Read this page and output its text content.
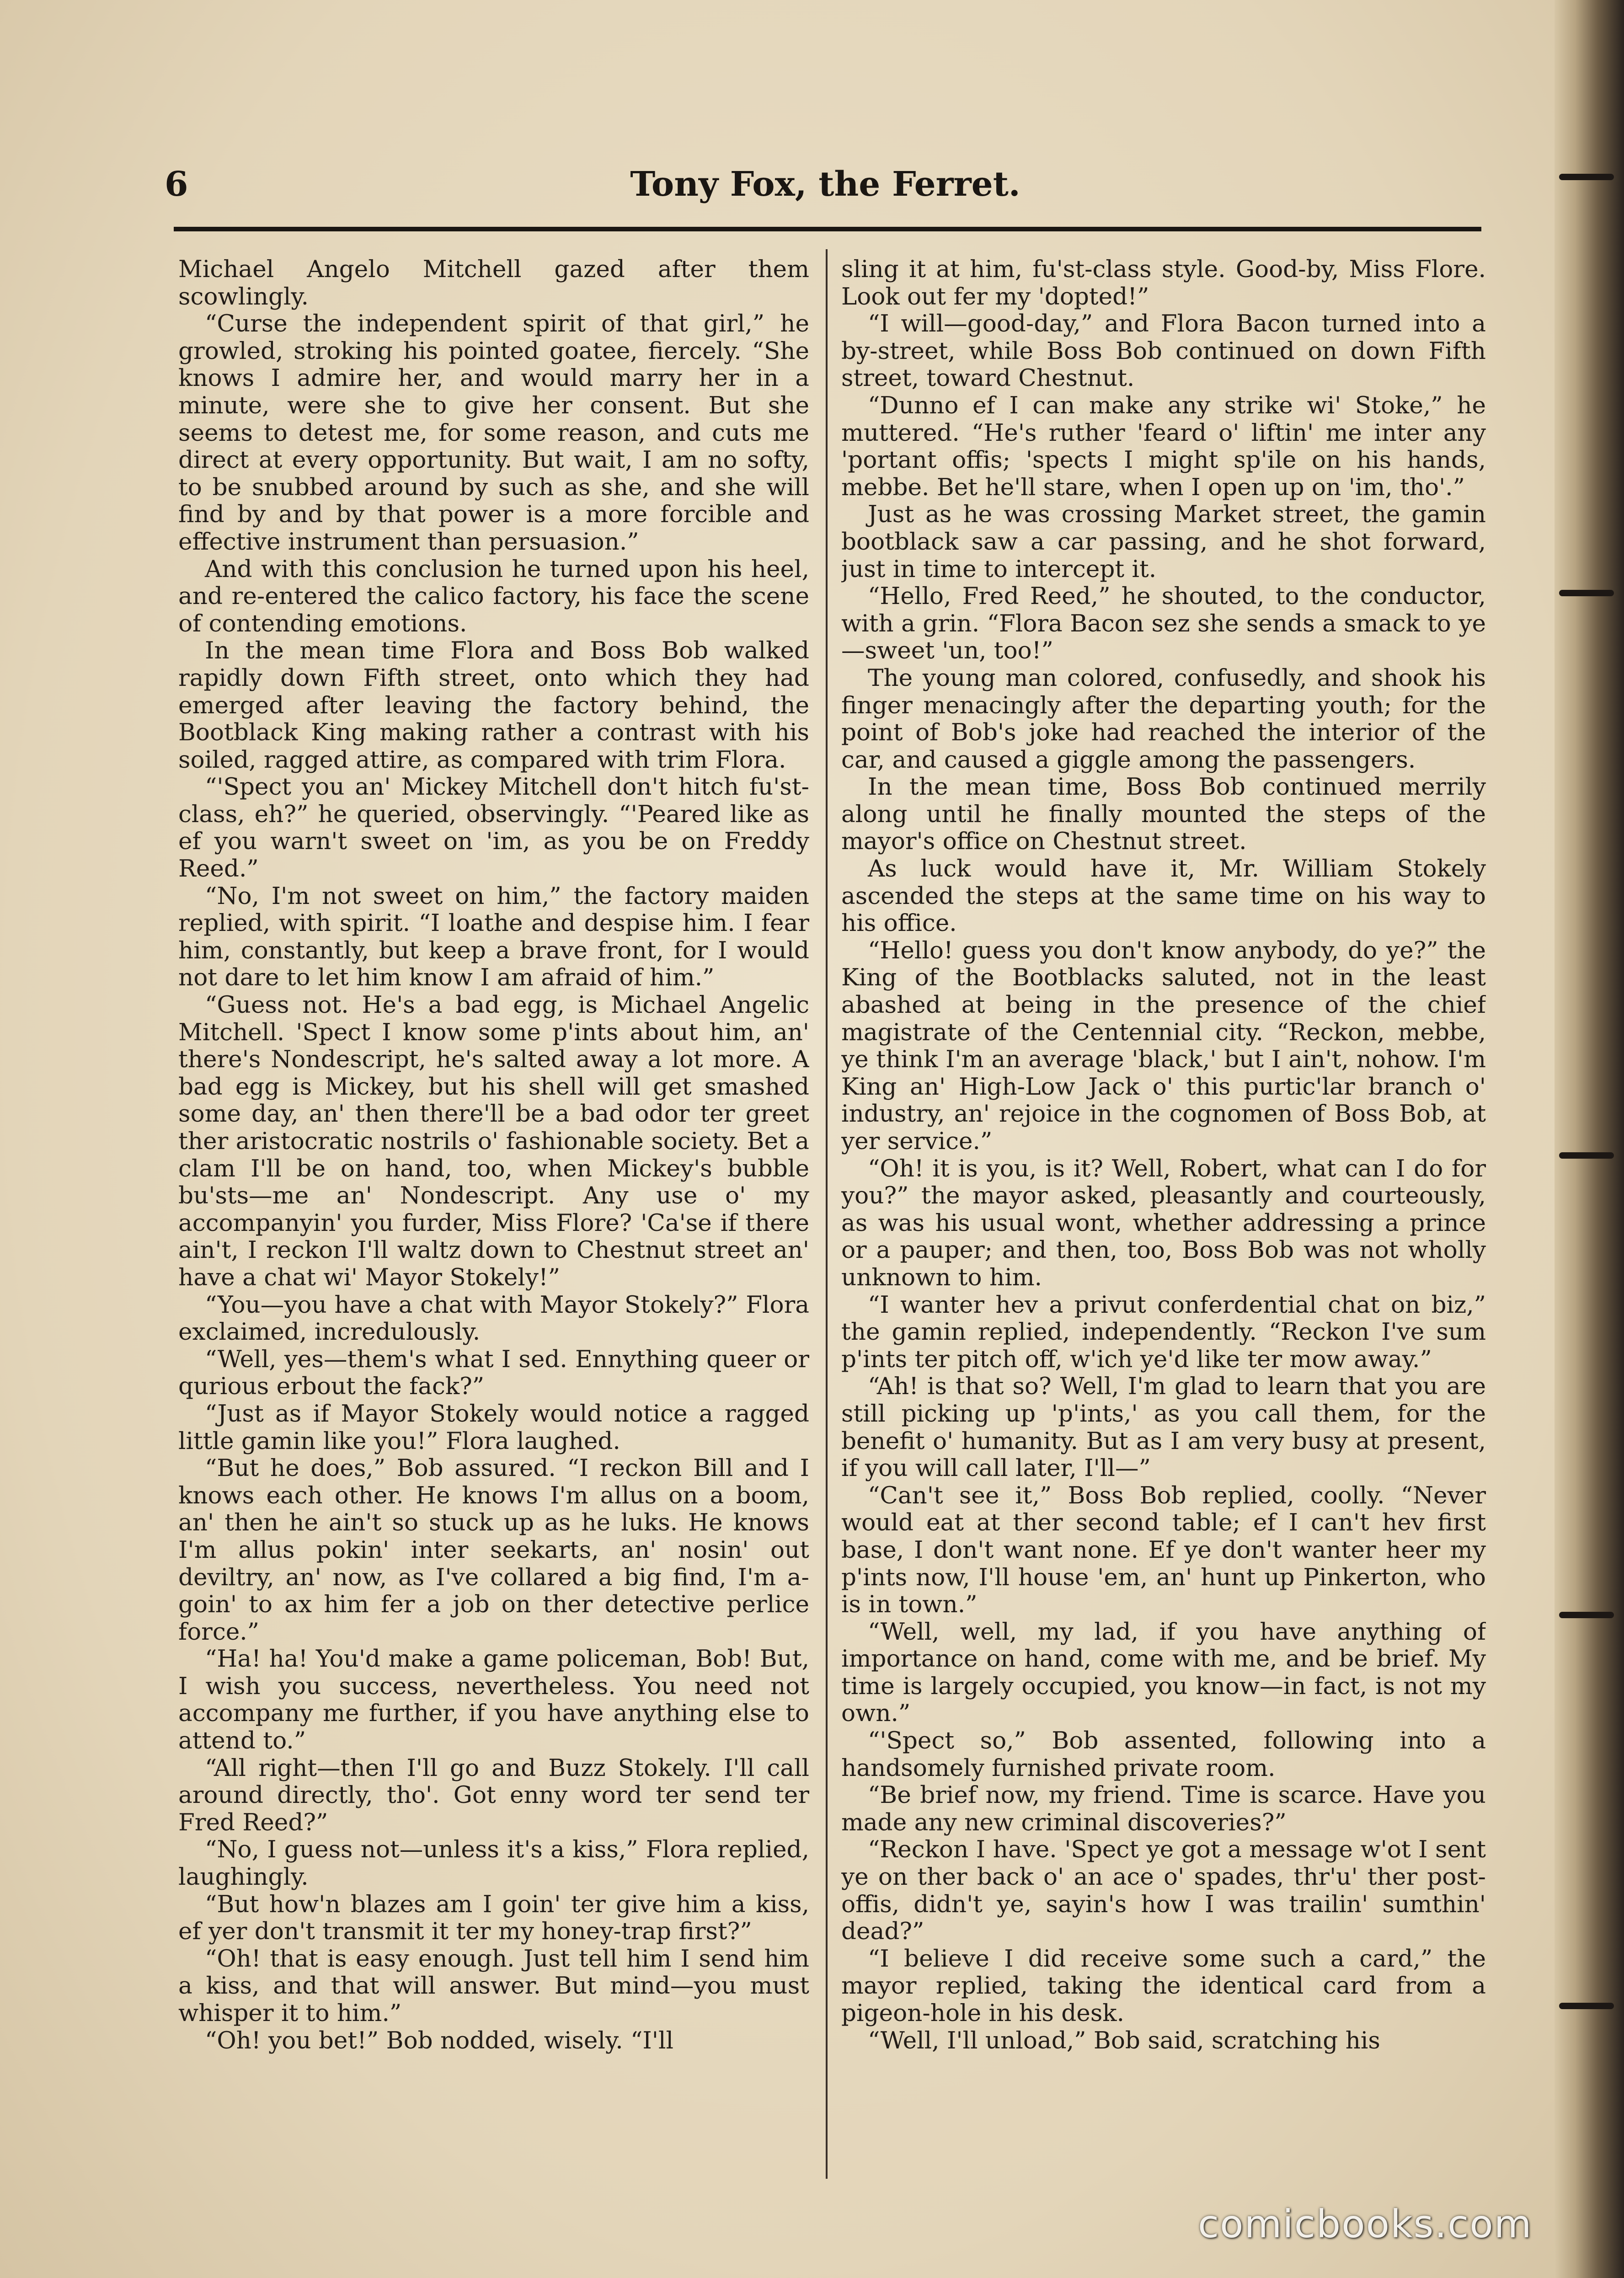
6	Tony Fox, the Ferret.

Michael Angelo Mitchell gazed after them scowlingly.

“Curse the independent spirit of that girl,” he growled, stroking his pointed goatee, fiercely. “She knows I admire her, and would marry her in a minute, were she to give her consent. But she seems to detest me, for some reason, and cuts me direct at every opportunity. But wait, I am no softy, to be snubbed around by such as she, and she will find by and by that power is a more forcible and effective instrument than persuasion.”

And with this conclusion he turned upon his heel, and re-entered the calico factory, his face the scene of contending emotions.

In the mean time Flora and Boss Bob walked rapidly down Fifth street, onto which they had emerged after leaving the factory behind, the Bootblack King making rather a contrast with his soiled, ragged attire, as compared with trim Flora.

“'Spect you an' Mickey Mitchell don't hitch fu'st-class, eh?” he queried, observingly. “'Peared like as ef you warn't sweet on 'im, as you be on Freddy Reed.”

“No, I'm not sweet on him,” the factory maiden replied, with spirit. “I loathe and despise him. I fear him, constantly, but keep a brave front, for I would not dare to let him know I am afraid of him.”

“Guess not. He's a bad egg, is Michael Angelic Mitchell. 'Spect I know some p'ints about him, an' there's Nondescript, he's salted away a lot more. A bad egg is Mickey, but his shell will get smashed some day, an' then there'll be a bad odor ter greet ther aristocratic nostrils o' fashionable society. Bet a clam I'll be on hand, too, when Mickey's bubble bu'sts—me an' Nondescript. Any use o' my accompanyin' you furder, Miss Flore? 'Ca'se if there ain't, I reckon I'll waltz down to Chestnut street an' have a chat wi' Mayor Stokely!”

“You—you have a chat with Mayor Stokely?” Flora exclaimed, incredulously.

“Well, yes—them's what I sed. Ennything queer or qurious erbout the fack?”

“Just as if Mayor Stokely would notice a ragged little gamin like you!” Flora laughed.

“But he does,” Bob assured. “I reckon Bill and I knows each other. He knows I'm allus on a boom, an' then he ain't so stuck up as he luks. He knows I'm allus pokin' inter seekarts, an' nosin' out deviltry, an' now, as I've collared a big find, I'm a-goin' to ax him fer a job on ther detective perlice force.”

“Ha! ha! You'd make a game policeman, Bob! But, I wish you success, nevertheless. You need not accompany me further, if you have anything else to attend to.”

“All right—then I'll go and Buzz Stokely. I'll call around directly, tho'. Got enny word ter send ter Fred Reed?”

“No, I guess not—unless it's a kiss,” Flora replied, laughingly.

“But how'n blazes am I goin' ter give him a kiss, ef yer don't transmit it ter my honey-trap first?”

“Oh! that is easy enough. Just tell him I send him a kiss, and that will answer. But mind—you must whisper it to him.”

“Oh! you bet!” Bob nodded, wisely. “I'll

sling it at him, fu'st-class style. Good-by, Miss Flore. Look out fer my 'dopted!”

“I will—good-day,” and Flora Bacon turned into a by-street, while Boss Bob continued on down Fifth street, toward Chestnut.

“Dunno ef I can make any strike wi' Stoke,” he muttered. “He's ruther 'feard o' liftin' me inter any 'portant offis; 'spects I might sp'ile on his hands, mebbe. Bet he'll stare, when I open up on 'im, tho'.”

Just as he was crossing Market street, the gamin bootblack saw a car passing, and he shot forward, just in time to intercept it.

“Hello, Fred Reed,” he shouted, to the conductor, with a grin. “Flora Bacon sez she sends a smack to ye—sweet 'un, too!”

The young man colored, confusedly, and shook his finger menacingly after the departing youth; for the point of Bob's joke had reached the interior of the car, and caused a giggle among the passengers.

In the mean time, Boss Bob continued merrily along until he finally mounted the steps of the mayor's office on Chestnut street.

As luck would have it, Mr. William Stokely ascended the steps at the same time on his way to his office.

“Hello! guess you don't know anybody, do ye?” the King of the Bootblacks saluted, not in the least abashed at being in the presence of the chief magistrate of the Centennial city. “Reckon, mebbe, ye think I'm an average 'black,' but I ain't, nohow. I'm King an' High-Low Jack o' this purtic'lar branch o' industry, an' rejoice in the cognomen of Boss Bob, at yer service.”

“Oh! it is you, is it? Well, Robert, what can I do for you?” the mayor asked, pleasantly and courteously, as was his usual wont, whether addressing a prince or a pauper; and then, too, Boss Bob was not wholly unknown to him.

“I wanter hev a privut conferdential chat on biz,” the gamin replied, independently. “Reckon I've sum p'ints ter pitch off, w'ich ye'd like ter mow away.”

“Ah! is that so? Well, I'm glad to learn that you are still picking up 'p'ints,' as you call them, for the benefit o' humanity. But as I am very busy at present, if you will call later, I'll—”

“Can't see it,” Boss Bob replied, coolly. “Never would eat at ther second table; ef I can't hev first base, I don't want none. Ef ye don't wanter heer my p'ints now, I'll house 'em, an' hunt up Pinkerton, who is in town.”

“Well, well, my lad, if you have anything of importance on hand, come with me, and be brief. My time is largely occupied, you know—in fact, is not my own.”

“'Spect so,” Bob assented, following into a handsomely furnished private room.

“Be brief now, my friend. Time is scarce. Have you made any new criminal discoveries?”

“Reckon I have. 'Spect ye got a message w'ot I sent ye on ther back o' an ace o' spades, thr'u' ther post-offis, didn't ye, sayin's how I was trailin' sumthin' dead?”

“I believe I did receive some such a card,” the mayor replied, taking the identical card from a pigeon-hole in his desk.

“Well, I'll unload,” Bob said, scratching his

comicbooks.com
